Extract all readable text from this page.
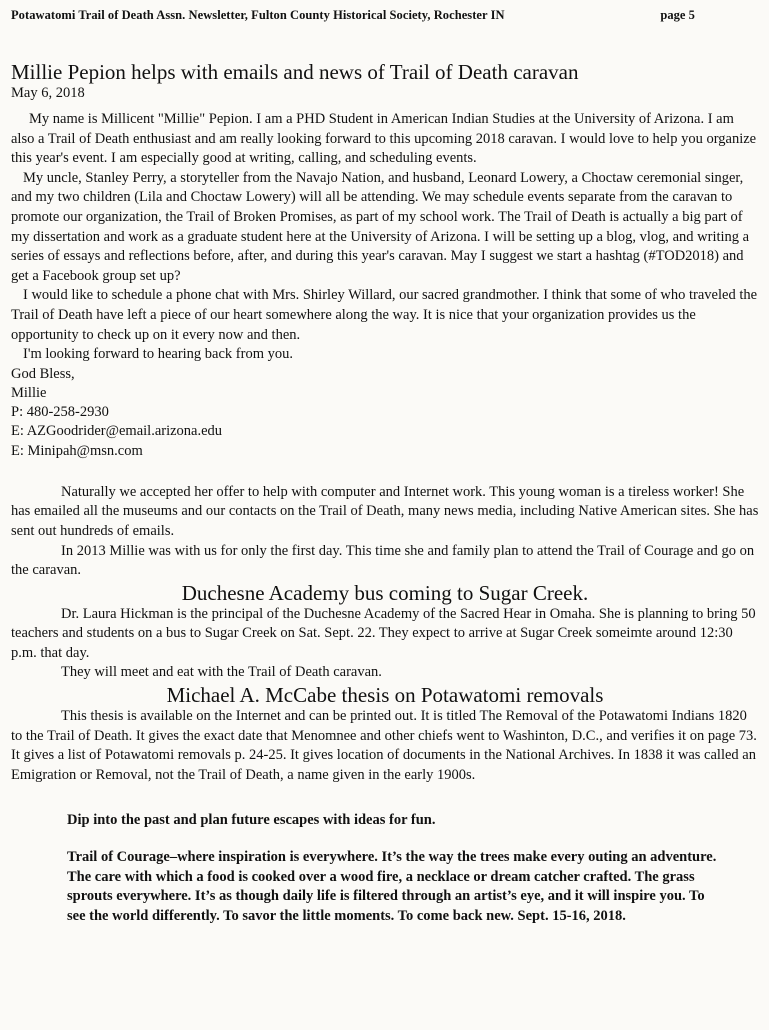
Potawatomi Trail of Death Assn. Newsletter, Fulton County Historical Society, Rochester IN	page 5
Millie Pepion helps with emails and news of Trail of Death caravan
May 6, 2018

My name is Millicent "Millie" Pepion. I am a PHD Student in American Indian Studies at the University of Arizona. I am also a Trail of Death enthusiast and am really looking forward to this upcoming 2018 caravan. I would love to help you organize this year's event. I am especially good at writing, calling, and scheduling events.

My uncle, Stanley Perry, a storyteller from the Navajo Nation, and husband, Leonard Lowery, a Choctaw ceremonial singer, and my two children (Lila and Choctaw Lowery) will all be attending. We may schedule events separate from the caravan to promote our organization, the Trail of Broken Promises, as part of my school work. The Trail of Death is actually a big part of my dissertation and work as a graduate student here at the University of Arizona. I will be setting up a blog, vlog, and writing a series of essays and reflections before, after, and during this year's caravan. May I suggest we start a hashtag (#TOD2018) and get a Facebook group set up?

I would like to schedule a phone chat with Mrs. Shirley Willard, our sacred grandmother. I think that some of who traveled the Trail of Death have left a piece of our heart somewhere along the way. It is nice that your organization provides us the opportunity to check up on it every now and then.

I'm looking forward to hearing back from you.

God Bless,

Millie

P: 480-258-2930

E: AZGoodrider@email.arizona.edu

E: Minipah@msn.com

Naturally we accepted her offer to help with computer and Internet work. This young woman is a tireless worker! She has emailed all the museums and our contacts on the Trail of Death, many news media, including Native American sites. She has sent out hundreds of emails.

In 2013 Millie was with us for only the first day. This time she and family plan to attend the Trail of Courage and go on the caravan.

Duchesne Academy bus coming to Sugar Creek.

Dr. Laura Hickman is the principal of the Duchesne Academy of the Sacred Hear in Omaha. She is planning to bring 50 teachers and students on a bus to Sugar Creek on Sat. Sept. 22. They expect to arrive at Sugar Creek someimte around 12:30 p.m. that day.

They will meet and eat with the Trail of Death caravan.

Michael A. McCabe thesis on Potawatomi removals

This thesis is available on the Internet and can be printed out. It is titled The Removal of the Potawatomi Indians 1820 to the Trail of Death. It gives the exact date that Menomnee and other chiefs went to Washinton, D.C., and verifies it on page 73. It gives a list of Potawatomi removals p. 24-25. It gives location of documents in the National Archives. In 1838 it was called an Emigration or Removal, not the Trail of Death, a name given in the early 1900s.

Dip into the past and plan future escapes with ideas for fun.

Trail of Courage–where inspiration is everywhere. It’s the way the trees make every outing an adventure. The care with which a food is cooked over a wood fire, a necklace or dream catcher crafted. The grass sprouts everywhere. It’s as though daily life is filtered through an artist’s eye, and it will inspire you. To see the world differently. To savor the little moments. To come back new. Sept. 15-16, 2018.
